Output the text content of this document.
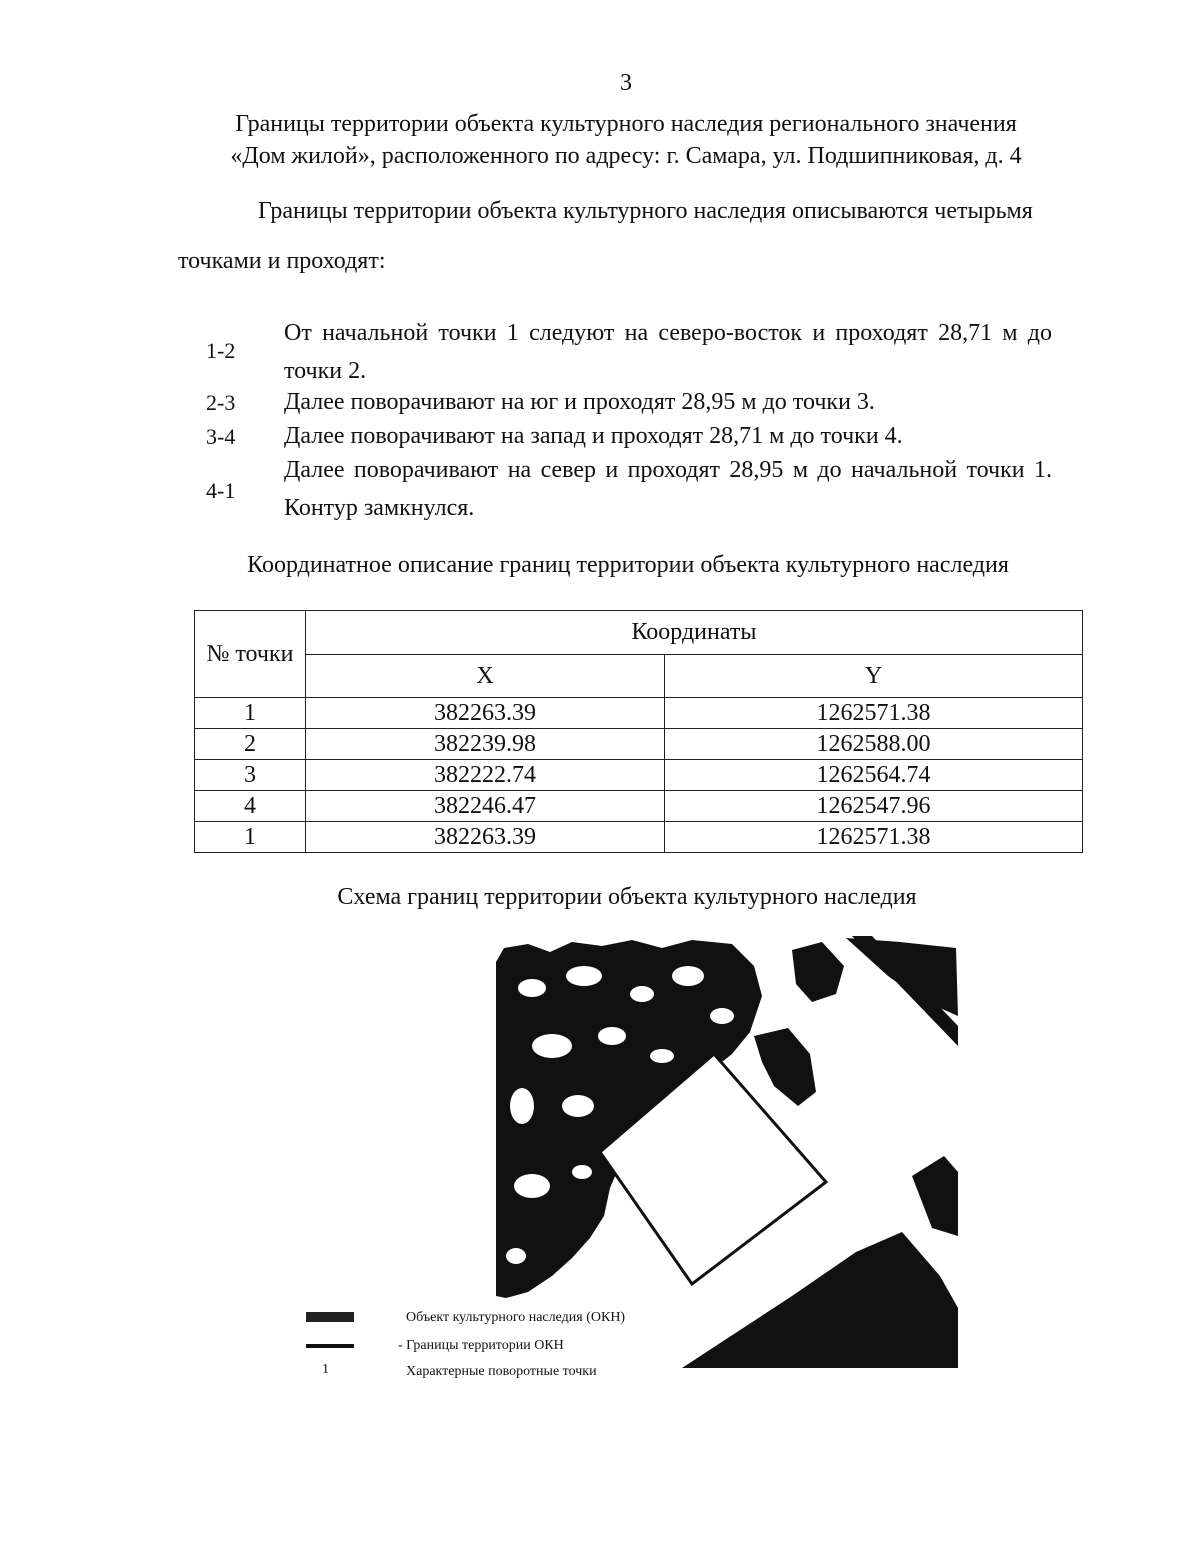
3
Границы территории объекта культурного наследия регионального значения
«Дом жилой», расположенного по адресу: г. Самара, ул. Подшипниковая, д. 4
Границы территории объекта культурного наследия описываются четырьмя
точками и проходят:
1-2
От начальной точки 1 следуют на северо-восток и проходят 28,71 м до точки 2.
2-3 Далее поворачивают на юг и проходят 28,95 м до точки 3.
3-4 Далее поворачивают на запад и проходят 28,71 м до точки 4.
4-1
Далее поворачивают на север и проходят 28,95 м до начальной точки 1. Контур замкнулся.
Координатное описание границ территории объекта культурного наследия
№ точки	Координаты	
	X	Y
1	382263.39	1262571.38
2	382239.98	1262588.00
3	382222.74	1262564.74
4	382246.47	1262547.96
1	382263.39	1262571.38
Схема границ территории объекта культурного наследия
1
Объект культурного наследия (ОКН)
- Границы территории ОКН
Характерные поворотные точки
